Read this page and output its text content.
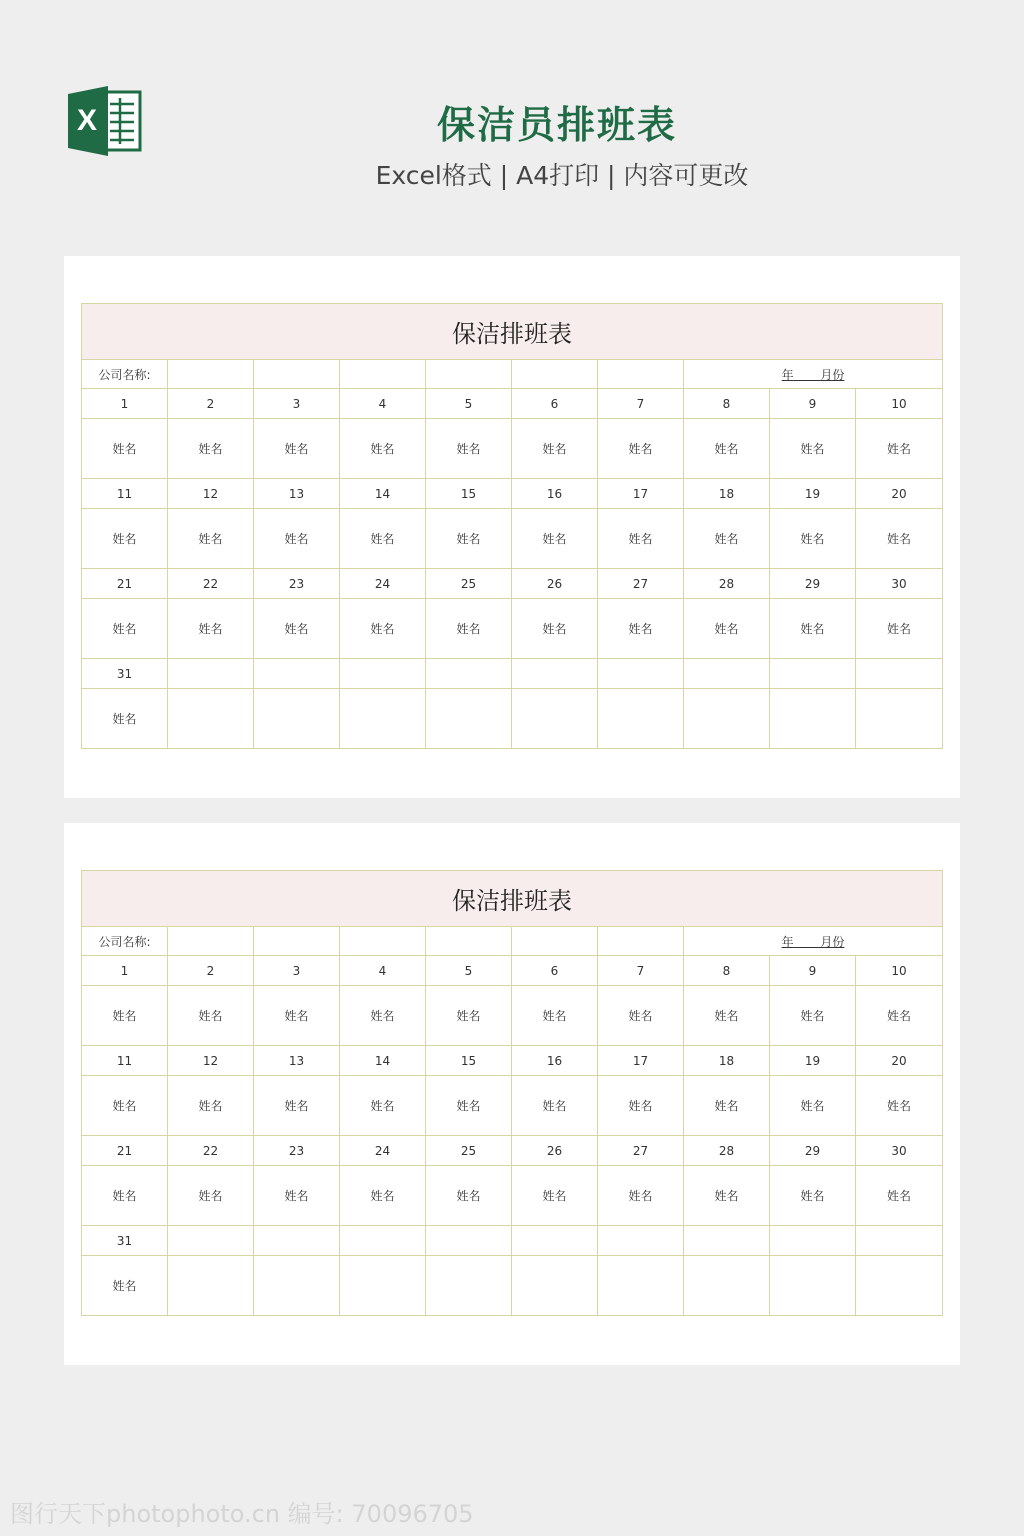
X	保洁员排班表
Excel格式 | A4打印 | 内容可更改
保洁排班表									
公司名称:							年 月份		
1	2	3	4	5	6	7	8	9	10
姓名	姓名	姓名	姓名	姓名	姓名	姓名	姓名	姓名	姓名
11	12	13	14	15	16	17	18	19	20
姓名	姓名	姓名	姓名	姓名	姓名	姓名	姓名	姓名	姓名
21	22	23	24	25	26	27	28	29	30
姓名	姓名	姓名	姓名	姓名	姓名	姓名	姓名	姓名	姓名
31									
姓名									
保洁排班表									
公司名称:							年 月份		
1	2	3	4	5	6	7	8	9	10
姓名	姓名	姓名	姓名	姓名	姓名	姓名	姓名	姓名	姓名
11	12	13	14	15	16	17	18	19	20
姓名	姓名	姓名	姓名	姓名	姓名	姓名	姓名	姓名	姓名
21	22	23	24	25	26	27	28	29	30
姓名	姓名	姓名	姓名	姓名	姓名	姓名	姓名	姓名	姓名
31									
姓名									
图行天下photophoto.cn 编号: 70096705
